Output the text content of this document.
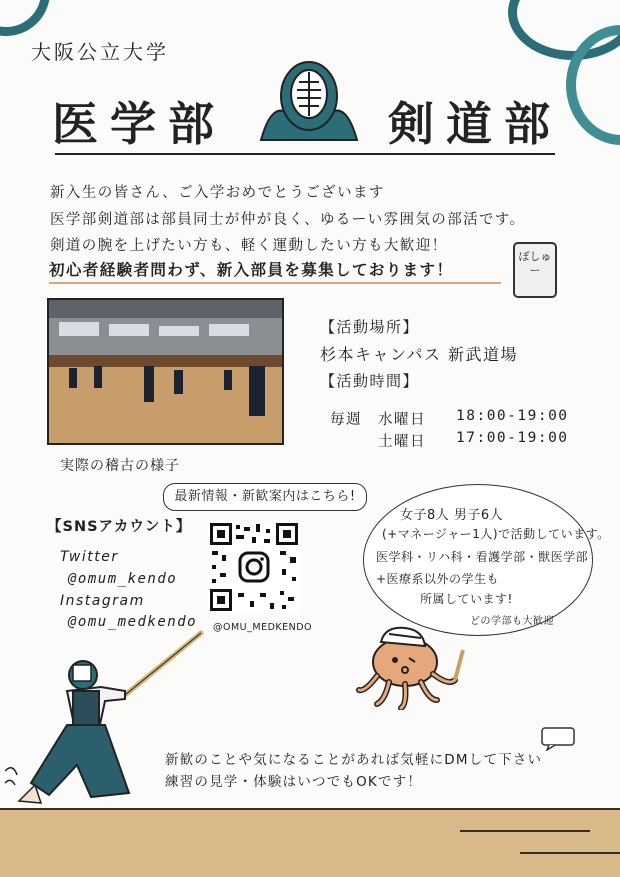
大阪公立大学
医学部	剣道部
新入生の皆さん、ご入学おめでとうございます
医学部剣道部は部員同士が仲が良く、ゆるーい雰囲気の部活です。
剣道の腕を上げたい方も、軽く運動したい方も大歓迎！
初心者経験者問わず、新入部員を募集しております！
ぼしゅー
実際の稽古の様子
【活動場所】
杉本キャンパス 新武道場
【活動時間】
毎週 水曜日 18:00-19:00
土曜日 17:00-19:00
最新情報・新歓案内はこちら!
【SNSアカウント】
Twitter
@omum_kendo
Instagram
@omu_medkendo @OMU_MEDKENDO
女子8人 男子6人
(+マネージャー1人)で活動しています。
医学科・リハ科・看護学部・獣医学部
+医療系以外の学生も
所属しています!
どの学部も大歓迎
新歓のことや気になることがあれば気軽にDMして下さい
練習の見学・体験はいつでもOKです！
